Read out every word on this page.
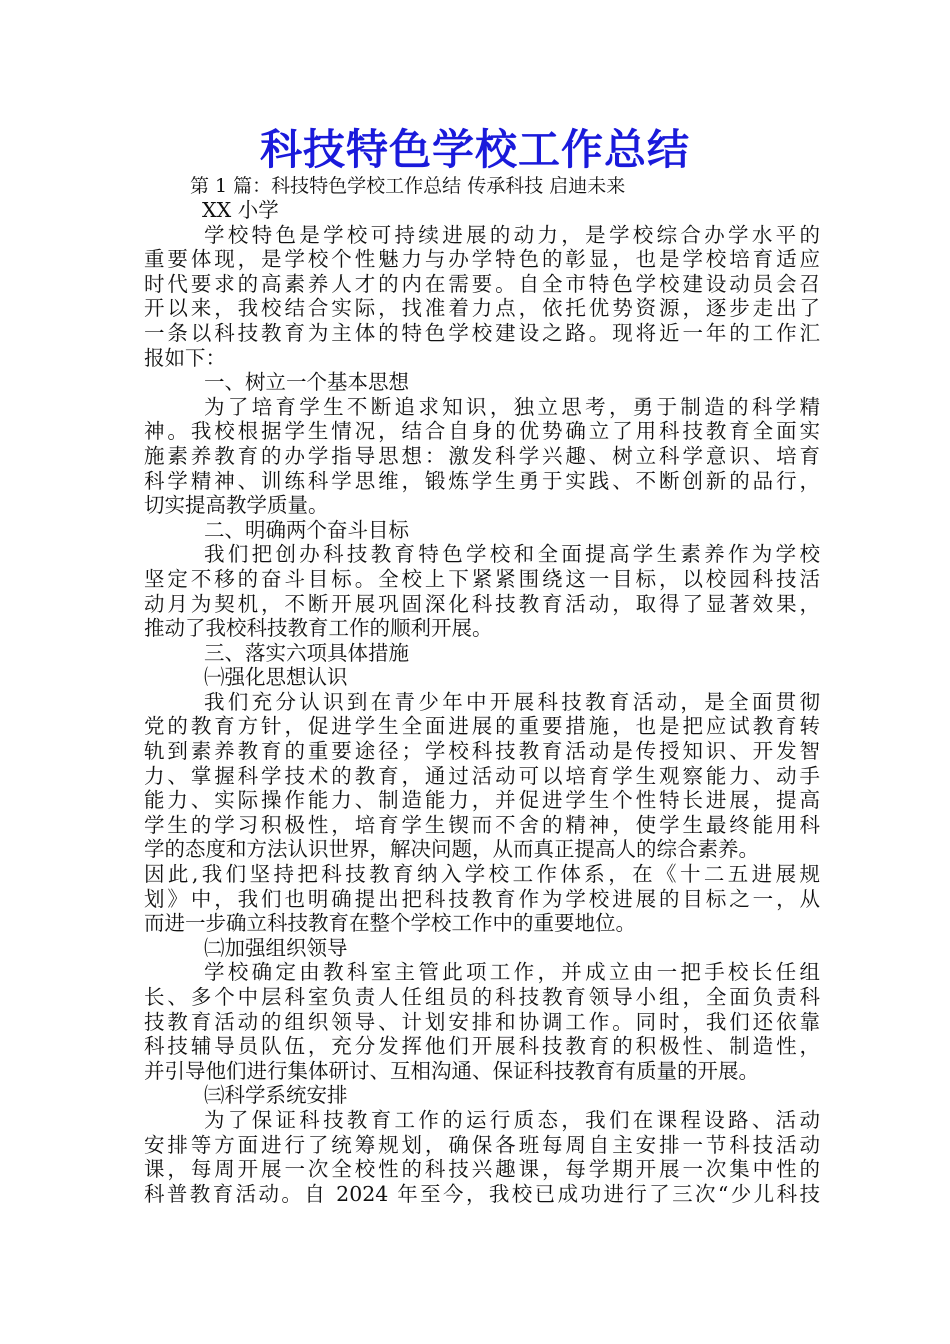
科技特色学校工作总结
第 1 篇：科技特色学校工作总结 传承科技 启迪未来
XX 小学
学校特色是学校可持续进展的动力，是学校综合办学水平的
重要体现，是学校个性魅力与办学特色的彰显，也是学校培育适应
时代要求的高素养人才的内在需要。自全市特色学校建设动员会召
开以来，我校结合实际，找准着力点，依托优势资源，逐步走出了
一条以科技教育为主体的特色学校建设之路。现将近一年的工作汇
报如下：
一、树立一个基本思想
为了培育学生不断追求知识，独立思考，勇于制造的科学精
神。我校根据学生情况，结合自身的优势确立了用科技教育全面实
施素养教育的办学指导思想：激发科学兴趣、树立科学意识、培育
科学精神、训练科学思维，锻炼学生勇于实践、不断创新的品行，
切实提高教学质量。
二、明确两个奋斗目标
我们把创办科技教育特色学校和全面提高学生素养作为学校
坚定不移的奋斗目标。全校上下紧紧围绕这一目标，以校园科技活
动月为契机，不断开展巩固深化科技教育活动，取得了显著效果，
推动了我校科技教育工作的顺利开展。
三、落实六项具体措施
㈠强化思想认识
我们充分认识到在青少年中开展科技教育活动，是全面贯彻
党的教育方针，促进学生全面进展的重要措施，也是把应试教育转
轨到素养教育的重要途径；学校科技教育活动是传授知识、开发智
力、掌握科学技术的教育，通过活动可以培育学生观察能力、动手
能力、实际操作能力、制造能力，并促进学生个性特长进展，提高
学生的学习积极性，培育学生锲而不舍的精神，使学生最终能用科
学的态度和方法认识世界，解决问题，从而真正提高人的综合素养。
因此,我们坚持把科技教育纳入学校工作体系，在《十二五进展规
划》中，我们也明确提出把科技教育作为学校进展的目标之一，从
而进一步确立科技教育在整个学校工作中的重要地位。
㈡加强组织领导
学校确定由教科室主管此项工作，并成立由一把手校长任组
长、多个中层科室负责人任组员的科技教育领导小组，全面负责科
技教育活动的组织领导、计划安排和协调工作。同时，我们还依靠
科技辅导员队伍，充分发挥他们开展科技教育的积极性、制造性，
并引导他们进行集体研讨、互相沟通、保证科技教育有质量的开展。
㈢科学系统安排
为了保证科技教育工作的运行质态，我们在课程设路、活动
安排等方面进行了统筹规划，确保各班每周自主安排一节科技活动
课，每周开展一次全校性的科技兴趣课，每学期开展一次集中性的
科普教育活动。自 2024 年至今，我校已成功进行了三次“少儿科技
